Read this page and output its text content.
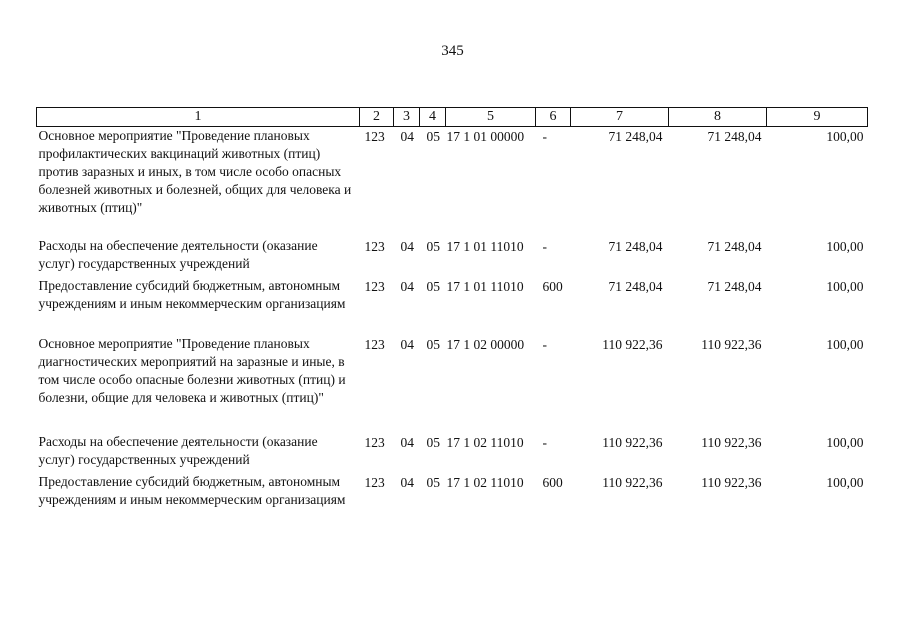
345
1	2	3	4	5	6	7	8	9
Основное мероприятие "Проведение плановых профилактических вакцинаций животных (птиц) против заразных и иных, в том числе особо опасных болезней животных и болезней, общих для человека и животных (птиц)"	123	04	05	17 1 01 00000	-	71 248,04	71 248,04	100,00
Расходы на обеспечение деятельности (оказание услуг) государственных учреждений	123	04	05	17 1 01 11010	-	71 248,04	71 248,04	100,00
Предоставление субсидий бюджетным, автономным учреждениям и иным некоммерческим организациям	123	04	05	17 1 01 11010	600	71 248,04	71 248,04	100,00
Основное мероприятие "Проведение плановых диагностических мероприятий на заразные и иные, в том числе особо опасные болезни животных (птиц) и болезни, общие для человека и животных (птиц)"	123	04	05	17 1 02 00000	-	110 922,36	110 922,36	100,00
Расходы на обеспечение деятельности (оказание услуг) государственных учреждений	123	04	05	17 1 02 11010	-	110 922,36	110 922,36	100,00
Предоставление субсидий бюджетным, автономным учреждениям и иным некоммерческим организациям	123	04	05	17 1 02 11010	600	110 922,36	110 922,36	100,00
